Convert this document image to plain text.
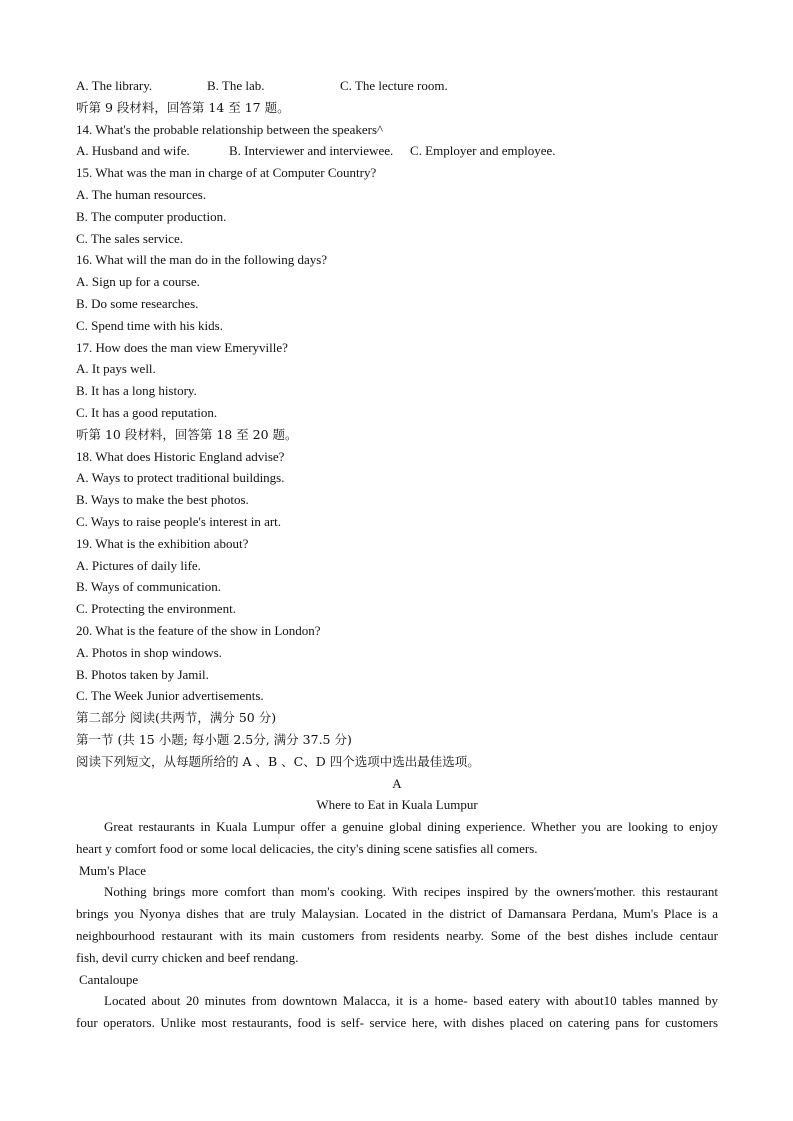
A. The library.	B. The lab.	C. The lecture room.
听第 9 段材料，回答第 14 至 17 题。
14. What's the probable relationship between the speakers^
A. Husband and wife.	B. Interviewer and interviewee. C. Employer and employee.
15. What was the man in charge of at Computer Country?
A. The human resources.
B. The computer production.
C. The sales service.
16. What will the man do in the following days?
A. Sign up for a course.
B. Do some researches.
C. Spend time with his kids.
17. How does the man view Emeryville?
A. It pays well.
B. It has a long history.
C. It has a good reputation.
听第 10 段材料，回答第 18 至 20 题。
18. What does Historic England advise?
A. Ways to protect traditional buildings.
B. Ways to make the best photos.
C. Ways to raise people's interest in art.
19. What is the exhibition about?
A. Pictures of daily life.
B. Ways of communication.
C. Protecting the environment.
20. What is the feature of the show in London?
A. Photos in shop windows.
B. Photos taken by Jamil.
C. The Week Junior advertisements.
第二部分 阅读(共两节，满分 50 分)
第一节 (共 15 小题; 每小题 2.5分, 满分 37.5 分)
阅读下列短文，从每题所给的 A 、B 、C、D 四个选项中选出最佳选项。
A
Where to Eat in Kuala Lumpur
Great restaurants in Kuala Lumpur offer a genuine global dining experience. Whether you are looking to enjoy
heart y comfort food or some local delicacies, the city's dining scene satisfies all comers.
Mum's Place
Nothing brings more comfort than mom's cooking. With recipes inspired by the owners'mother. this restaurant
brings you Nyonya dishes that are truly Malaysian. Located in the district of Damansara Perdana, Mum's Place is a
neighbourhood restaurant with its main customers from residents nearby. Some of the best dishes include centaur
fish, devil curry chicken and beef rendang.
Cantaloupe
Located about 20 minutes from downtown Malacca, it is a home- based eatery with about10 tables manned by
four operators. Unlike most restaurants, food is self- service here, with dishes placed on catering pans for customers
